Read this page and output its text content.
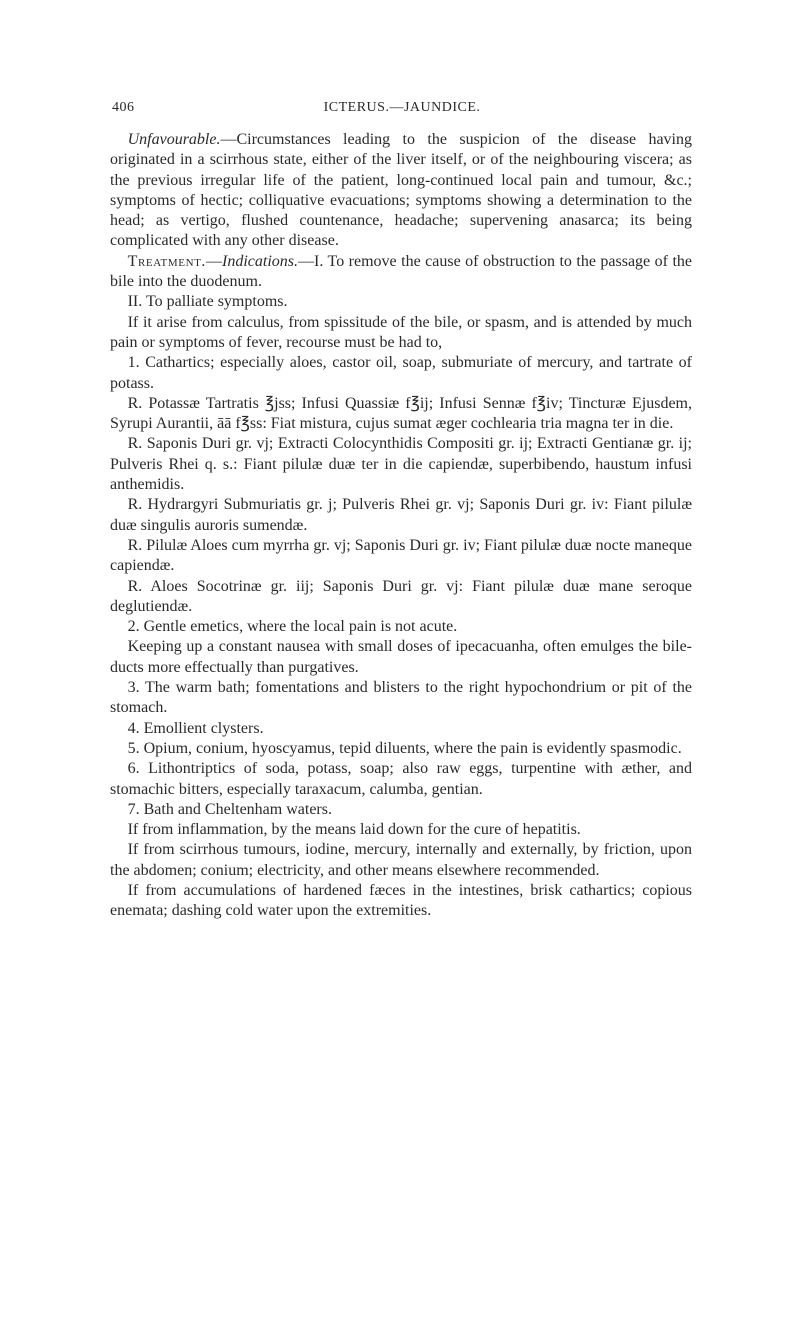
406	ICTERUS.—JAUNDICE.

Unfavourable.—Circumstances leading to the suspicion of the disease having originated in a scirrhous state, either of the liver itself, or of the neighbouring viscera; as the previous irregular life of the patient, long-continued local pain and tumour, &c.; symptoms of hectic; colliquative evacuations; symptoms showing a determination to the head; as vertigo, flushed countenance, headache; supervening anasarca; its being complicated with any other disease.

Treatment.—Indications.—I. To remove the cause of obstruction to the passage of the bile into the duodenum.

II. To palliate symptoms.

If it arise from calculus, from spissitude of the bile, or spasm, and is attended by much pain or symptoms of fever, recourse must be had to,

1. Cathartics; especially aloes, castor oil, soap, submuriate of mercury, and tartrate of potass.

R. Potassæ Tartratis ℥jss; Infusi Quassiæ f℥ij; Infusi Sennæ f℥iv; Tincturæ Ejusdem, Syrupi Aurantii, āā f℥ss: Fiat mistura, cujus sumat æger cochlearia tria magna ter in die.

R. Saponis Duri gr. vj; Extracti Colocynthidis Compositi gr. ij; Extracti Gentianæ gr. ij; Pulveris Rhei q. s.: Fiant pilulæ duæ ter in die capiendæ, superbibendo, haustum infusi anthemidis.

R. Hydrargyri Submuriatis gr. j; Pulveris Rhei gr. vj; Saponis Duri gr. iv: Fiant pilulæ duæ singulis auroris sumendæ.

R. Pilulæ Aloes cum myrrha gr. vj; Saponis Duri gr. iv; Fiant pilulæ duæ nocte maneque capiendæ.

R. Aloes Socotrinæ gr. iij; Saponis Duri gr. vj: Fiant pilulæ duæ mane seroque deglutiendæ.

2. Gentle emetics, where the local pain is not acute.

Keeping up a constant nausea with small doses of ipecacuanha, often emulges the bile-ducts more effectually than purgatives.

3. The warm bath; fomentations and blisters to the right hypochondrium or pit of the stomach.

4. Emollient clysters.

5. Opium, conium, hyoscyamus, tepid diluents, where the pain is evidently spasmodic.

6. Lithontriptics of soda, potass, soap; also raw eggs, turpentine with æther, and stomachic bitters, especially taraxacum, calumba, gentian.

7. Bath and Cheltenham waters.

If from inflammation, by the means laid down for the cure of hepatitis.

If from scirrhous tumours, iodine, mercury, internally and externally, by friction, upon the abdomen; conium; electricity, and other means elsewhere recommended.

If from accumulations of hardened fæces in the intestines, brisk cathartics; copious enemata; dashing cold water upon the extremities.
